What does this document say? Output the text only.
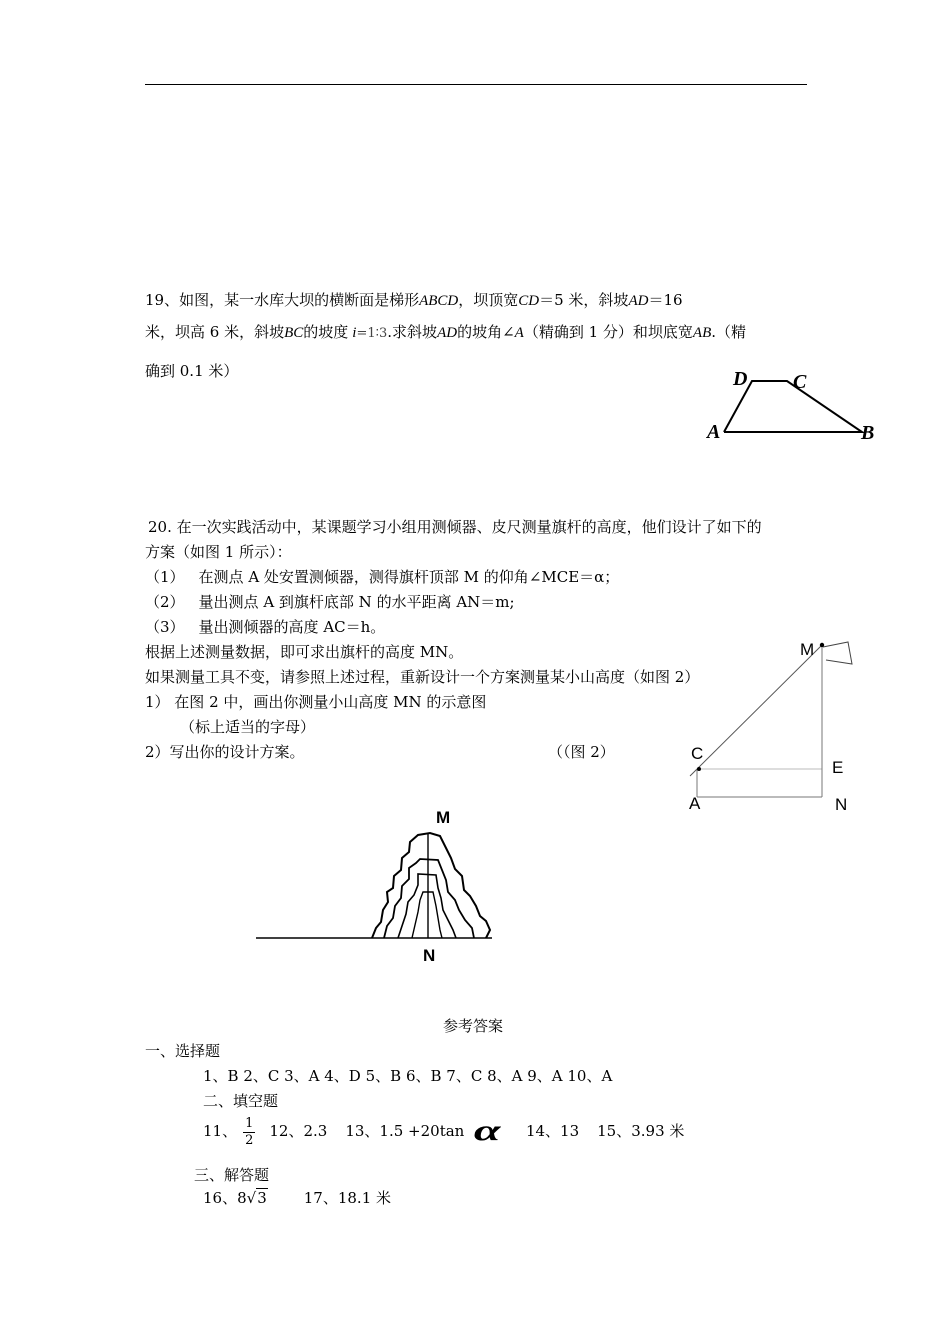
19、如图，某一水库大坝的横断面是梯形ABCD，坝顶宽CD＝5 米，斜坡AD＝16
米，坝高 6 米，斜坡BC的坡度 i=1∶3.求斜坡AD的坡角∠A（精确到 1 分）和坝底宽AB.（精
确到 0.1 米）	D C
A	B
20. 在一次实践活动中，某课题学习小组用测倾器、皮尺测量旗杆的高度，他们设计了如下的
方案（如图 1 所示）：
（1） 在测点 A 处安置测倾器，测得旗杆顶部 M 的仰角∠MCE＝α；
（2） 量出测点 A 到旗杆底部 N 的水平距离 AN＝m;
（3） 量出测倾器的高度 AC＝h。
根据上述测量数据，即可求出旗杆的高度 MN。
如果测量工具不变，请参照上述过程，重新设计一个方案测量某小山高度（如图 2）
1） 在图 2 中，画出你测量小山高度 MN 的示意图
（标上适当的字母）
2）写出你的设计方案。	（（图 2）
M
C
E
A	N
M
N
参考答案
一、选择题
1、B 2、C 3、A 4、D 5、B 6、B 7、C 8、A 9、A 10、A
二、填空题
11、 $\frac{1}{2} 12$、2.3 13、1.5 +20tan α 14、13 15、3.93 米
三、解答题
16、8√3 17、18.1 米
